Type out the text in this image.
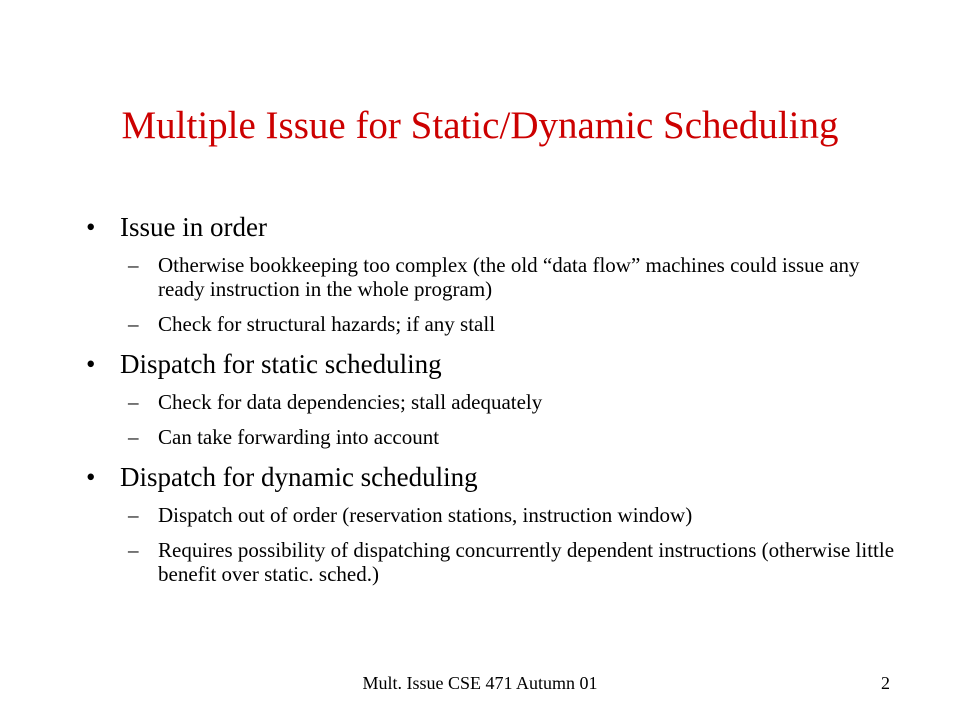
Multiple Issue for Static/Dynamic Scheduling
• Issue in order
– Otherwise bookkeeping too complex (the old “data flow” machines could issue any ready instruction in the whole program)
– Check for structural hazards; if any stall
• Dispatch for static scheduling
– Check for data dependencies; stall adequately
– Can take forwarding into account
• Dispatch for dynamic scheduling
– Dispatch out of order (reservation stations, instruction window)
– Requires possibility of dispatching concurrently dependent instructions (otherwise little benefit over static. sched.)
Mult. Issue CSE 471 Autumn 01	2
